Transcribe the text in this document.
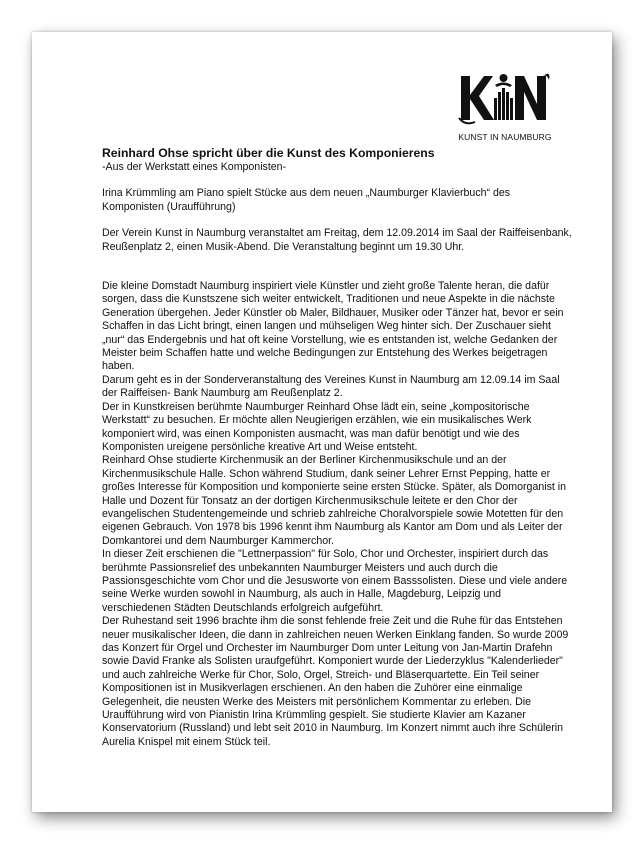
KUNST IN NAUMBURG
Reinhard Ohse spricht über die Kunst des Komponierens

-Aus der Werkstatt eines Komponisten-

Irina Krümmling am Piano spielt Stücke aus dem neuen „Naumburger Klavierbuch“ des Komponisten (Uraufführung)

Der Verein Kunst in Naumburg veranstaltet am Freitag, dem 12.09.2014 im Saal der Raiffeisenbank, Reußenplatz 2, einen Musik-Abend. Die Veranstaltung beginnt um 19.30 Uhr.

Die kleine Domstadt Naumburg inspiriert viele Künstler und zieht große Talente heran, die dafür sorgen, dass die Kunstszene sich weiter entwickelt, Traditionen und neue Aspekte in die nächste Generation übergehen. Jeder Künstler ob Maler, Bildhauer, Musiker oder Tänzer hat, bevor er sein Schaffen in das Licht bringt, einen langen und mühseligen Weg hinter sich. Der Zuschauer sieht „nur“ das Endergebnis und hat oft keine Vorstellung, wie es entstanden ist, welche Gedanken der Meister beim Schaffen hatte und welche Bedingungen zur Entstehung des Werkes beigetragen haben.

Darum geht es in der Sonderveranstaltung des Vereines Kunst in Naumburg am 12.09.14 im Saal der Raiffeisen- Bank Naumburg am Reußenplatz 2.

Der in Kunstkreisen berühmte Naumburger Reinhard Ohse lädt ein, seine „kompositorische Werkstatt“ zu besuchen. Er möchte allen Neugierigen erzählen, wie ein musikalisches Werk komponiert wird, was einen Komponisten ausmacht, was man dafür benötigt und wie des Komponisten ureigene persönliche kreative Art und Weise entsteht.

Reinhard Ohse studierte Kirchenmusik an der Berliner Kirchenmusikschule und an der Kirchenmusikschule Halle. Schon während Studium, dank seiner Lehrer Ernst Pepping, hatte er großes Interesse für Komposition und komponierte seine ersten Stücke. Später, als Domorganist in Halle und Dozent für Tonsatz an der dortigen Kirchenmusikschule leitete er den Chor der evangelischen Studentengemeinde und schrieb zahlreiche Choralvorspiele sowie Motetten für den eigenen Gebrauch. Von 1978 bis 1996 kennt ihm Naumburg als Kantor am Dom und als Leiter der Domkantorei und dem Naumburger Kammerchor.

In dieser Zeit erschienen die "Lettnerpassion" für Solo, Chor und Orchester, inspiriert durch das berühmte Passionsrelief des unbekannten Naumburger Meisters und auch durch die Passionsgeschichte vom Chor und die Jesusworte von einem Basssolisten. Diese und viele andere seine Werke wurden sowohl in Naumburg, als auch in Halle, Magdeburg, Leipzig und verschiedenen Städten Deutschlands erfolgreich aufgeführt.

Der Ruhestand seit 1996 brachte ihm die sonst fehlende freie Zeit und die Ruhe für das Entstehen neuer musikalischer Ideen, die dann in zahlreichen neuen Werken Einklang fanden. So wurde 2009 das Konzert für Orgel und Orchester im Naumburger Dom unter Leitung von Jan-Martin Drafehn sowie David Franke als Solisten uraufgeführt. Komponiert wurde der Liederzyklus "Kalenderlieder" und auch zahlreiche Werke für Chor, Solo, Orgel, Streich- und Bläserquartette. Ein Teil seiner Kompositionen ist in Musikverlagen erschienen. An den haben die Zuhörer eine einmalige Gelegenheit, die neusten Werke des Meisters mit persönlichem Kommentar zu erleben. Die Uraufführung wird von Pianistin Irina Krümmling gespielt. Sie studierte Klavier am Kazaner Konservatorium (Russland) und lebt seit 2010 in Naumburg. Im Konzert nimmt auch ihre Schülerin Aurelia Knispel mit einem Stück teil.
